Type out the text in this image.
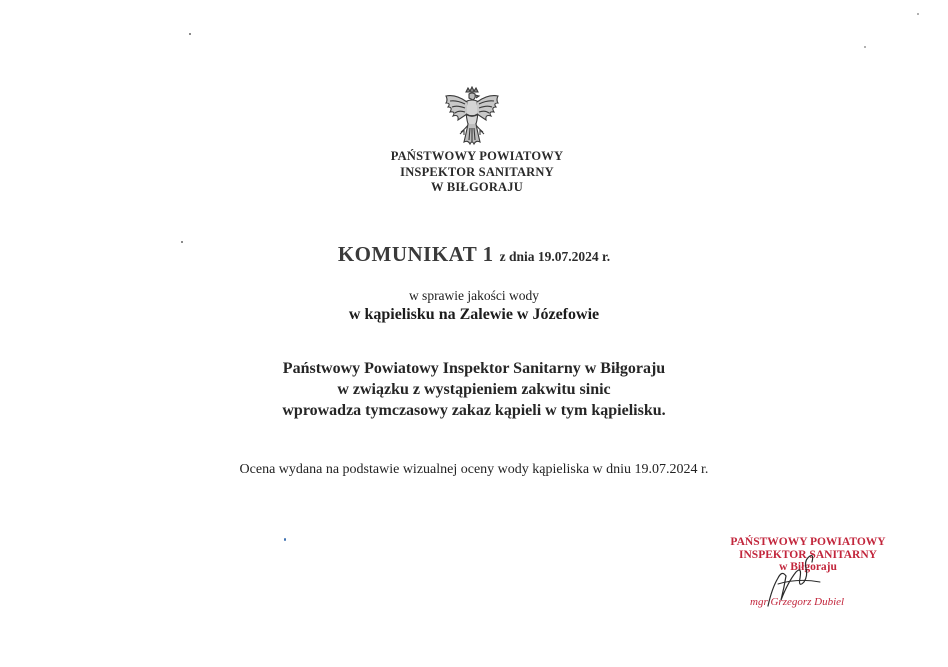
PAŃSTWOWY POWIATOWY
INSPEKTOR SANITARNY
W BIŁGORAJU
KOMUNIKAT 1 z dnia 19.07.2024 r.
w sprawie jakości wody
w kąpielisku na Zalewie w Józefowie
Państwowy Powiatowy Inspektor Sanitarny w Biłgoraju
w związku z wystąpieniem zakwitu sinic
wprowadza tymczasowy zakaz kąpieli w tym kąpielisku.
Ocena wydana na podstawie wizualnej oceny wody kąpieliska w dniu 19.07.2024 r.
PAŃSTWOWY POWIATOWY
INSPEKTOR SANITARNY
w Biłgoraju
mgr Grzegorz Dubiel
